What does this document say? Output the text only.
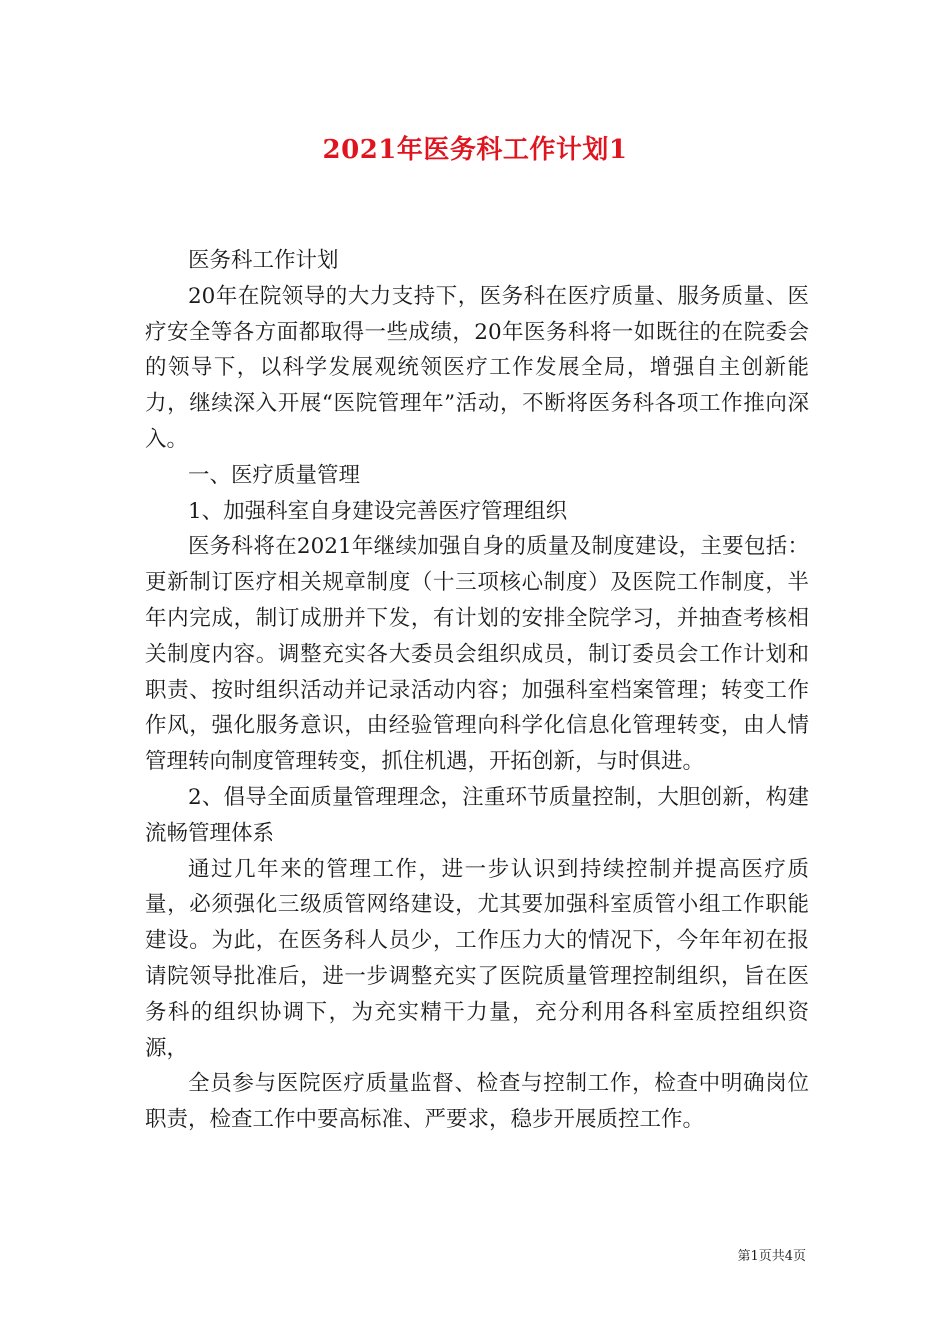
2021年医务科工作计划1

医务科工作计划

20年在院领导的大力支持下，医务科在医疗质量、服务质量、医疗安全等各方面都取得一些成绩，20年医务科将一如既往的在院委会的领导下，以科学发展观统领医疗工作发展全局，增强自主创新能力，继续深入开展“医院管理年”活动，不断将医务科各项工作推向深入。

一、医疗质量管理

1、加强科室自身建设完善医疗管理组织

医务科将在2021年继续加强自身的质量及制度建设，主要包括：更新制订医疗相关规章制度（十三项核心制度）及医院工作制度，半年内完成，制订成册并下发，有计划的安排全院学习，并抽查考核相关制度内容。调整充实各大委员会组织成员，制订委员会工作计划和职责、按时组织活动并记录活动内容；加强科室档案管理；转变工作作风，强化服务意识，由经验管理向科学化信息化管理转变，由人情管理转向制度管理转变，抓住机遇，开拓创新，与时俱进。

2、倡导全面质量管理理念，注重环节质量控制，大胆创新，构建流畅管理体系

通过几年来的管理工作，进一步认识到持续控制并提高医疗质量，必须强化三级质管网络建设，尤其要加强科室质管小组工作职能建设。为此，在医务科人员少，工作压力大的情况下，今年年初在报请院领导批准后，进一步调整充实了医院质量管理控制组织，旨在医务科的组织协调下，为充实精干力量，充分利用各科室质控组织资源，

全员参与医院医疗质量监督、检查与控制工作，检查中明确岗位职责，检查工作中要高标准、严要求，稳步开展质控工作。

第1页共4页
